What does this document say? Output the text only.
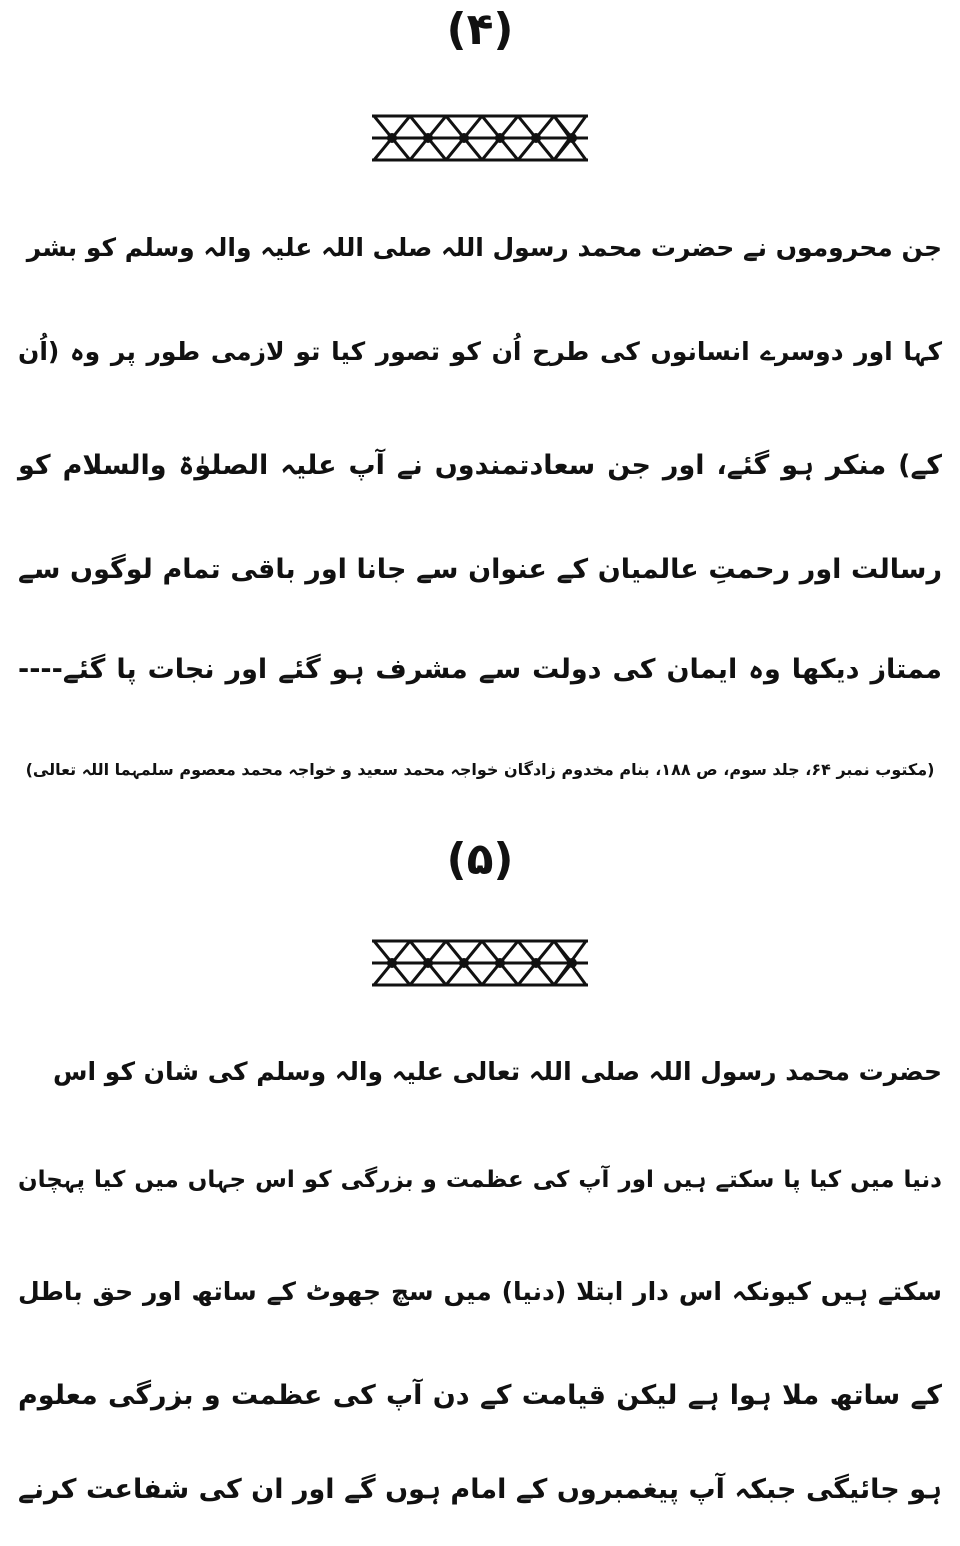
(۴)
جن محروموں نے حضرت محمد رسول اللہ صلی اللہ علیہ والہ وسلم کو بشر
کہا اور دوسرے انسانوں کی طرح اُن کو تصور کیا تو لازمی طور پر وہ (اُن
کے) منکر ہو گئے، اور جن سعادتمندوں نے آپ علیہ الصلوٰۃ والسلام کو
رسالت اور رحمتِ عالمیان کے عنوان سے جانا اور باقی تمام لوگوں سے
ممتاز دیکھا وہ ایمان کی دولت سے مشرف ہو گئے اور نجات پا گئے----
(مکتوب نمبر ۶۴، جلد سوم، ص ۱۸۸، بنام مخدوم زادگان خواجہ محمد سعید و خواجہ محمد معصوم سلمہما اللہ تعالی)
(۵)
حضرت محمد رسول اللہ صلی اللہ تعالی علیہ والہ وسلم کی شان کو اس
دنیا میں کیا پا سکتے ہیں اور آپ کی عظمت و بزرگی کو اس جہاں میں کیا پہچان
سکتے ہیں کیونکہ اس دار ابتلا (دنیا) میں سچ جھوٹ کے ساتھ اور حق باطل
کے ساتھ ملا ہوا ہے لیکن قیامت کے دن آپ کی عظمت و بزرگی معلوم
ہو جائیگی جبکہ آپ پیغمبروں کے امام ہوں گے اور ان کی شفاعت کرنے
